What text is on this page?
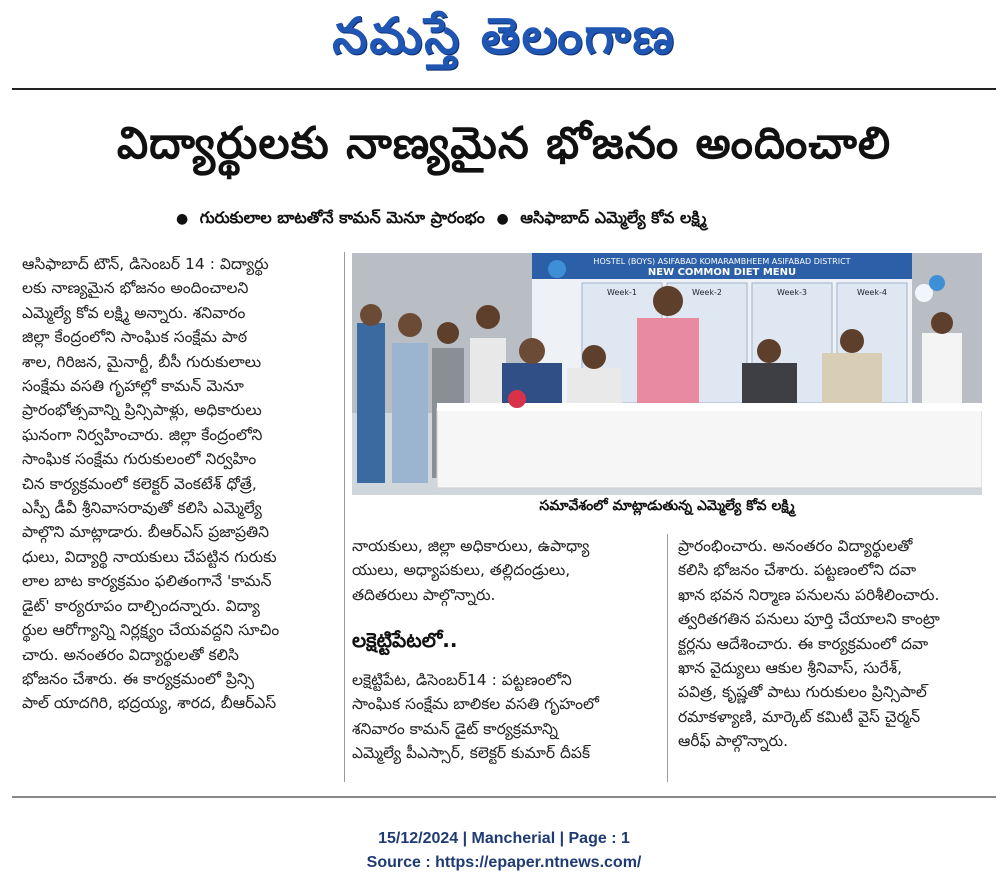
నమస్తే తెలంగాణ
విద్యార్థులకు నాణ్యమైన భోజనం అందించాలి
● గురుకులాల బాటతోనే కామన్ మెనూ ప్రారంభం ● ఆసిఫాబాద్ ఎమ్మెల్యే కోవ లక్ష్మి

ఆసిఫాబాద్ టౌన్, డిసెంబర్ 14 : విద్యార్థు

లకు నాణ్యమైన భోజనం అందించాలని

ఎమ్మెల్యే కోవ లక్ష్మి అన్నారు. శనివారం

జిల్లా కేంద్రంలోని సాంఘిక సంక్షేమ పాఠ

శాల, గిరిజన, మైనార్టీ, బీసీ గురుకులాలు

సంక్షేమ వసతి గృహాల్లో కామన్ మెనూ

ప్రారంభోత్సవాన్ని ప్రిన్సిపాళ్లు, అధికారులు

ఘనంగా నిర్వహించారు. జిల్లా కేంద్రంలోని

సాంఘిక సంక్షేమ గురుకులంలో నిర్వహిం

చిన కార్యక్రమంలో కలెక్టర్ వెంకటేశ్ ధోత్రే,

ఎస్పీ డీవీ శ్రీనివాసరావుతో కలిసి ఎమ్మెల్యే

పాల్గొని మాట్లాడారు. బీఆర్ఎస్ ప్రజాప్రతిని

ధులు, విద్యార్థి నాయకులు చేపట్టిన గురుకు

లాల బాట కార్యక్రమం ఫలితంగానే 'కామన్

డైట్' కార్యరూపం దాల్చిందన్నారు. విద్యా

ర్థుల ఆరోగ్యాన్ని నిర్లక్ష్యం చేయవద్దని సూచిం

చారు. అనంతరం విద్యార్థులతో కలిసి

భోజనం చేశారు. ఈ కార్యక్రమంలో ప్రిన్సి

పాల్ యాదగిరి, భద్రయ్య, శారద, బీఆర్ఎస్

HOSTEL (BOYS) ASIFABAD KOMARAMBHEEM ASIFABAD DISTRICT
NEW COMMON DIET MENU
Week-1	Week-2	Week-3	Week-4
సమావేశంలో మాట్లాడుతున్న ఎమ్మెల్యే కోవ లక్ష్మి

నాయకులు, జిల్లా అధికారులు, ఉపాధ్యా

యులు, అధ్యాపకులు, తల్లిదండ్రులు,

తదితరులు పాల్గొన్నారు.

లక్షెట్టిపేటలో..

లక్షెట్టిపేట, డిసెంబర్14 : పట్టణంలోని

సాంఘిక సంక్షేమ బాలికల వసతి గృహంలో

శనివారం కామన్ డైట్ కార్యక్రమాన్ని

ఎమ్మెల్యే పీఎస్సార్, కలెక్టర్ కుమార్ దీపక్

ప్రారంభించారు. అనంతరం విద్యార్థులతో

కలిసి భోజనం చేశారు. పట్టణంలోని దవా

ఖాన భవన నిర్మాణ పనులను పరిశీలించారు.

త్వరితగతిన పనులు పూర్తి చేయాలని కాంట్రా

క్టర్లను ఆదేశించారు. ఈ కార్యక్రమంలో దవా

ఖాన వైద్యులు ఆకుల శ్రీనివాస్, సురేశ్,

పవిత్ర, కృష్ణతో పాటు గురుకులం ప్రిన్సిపాల్

రమాకళ్యాణి, మార్కెట్ కమిటీ వైస్ చైర్మన్

ఆరీఫ్ పాల్గొన్నారు.

15/12/2024 | Mancherial | Page : 1
Source : https://epaper.ntnews.com/
